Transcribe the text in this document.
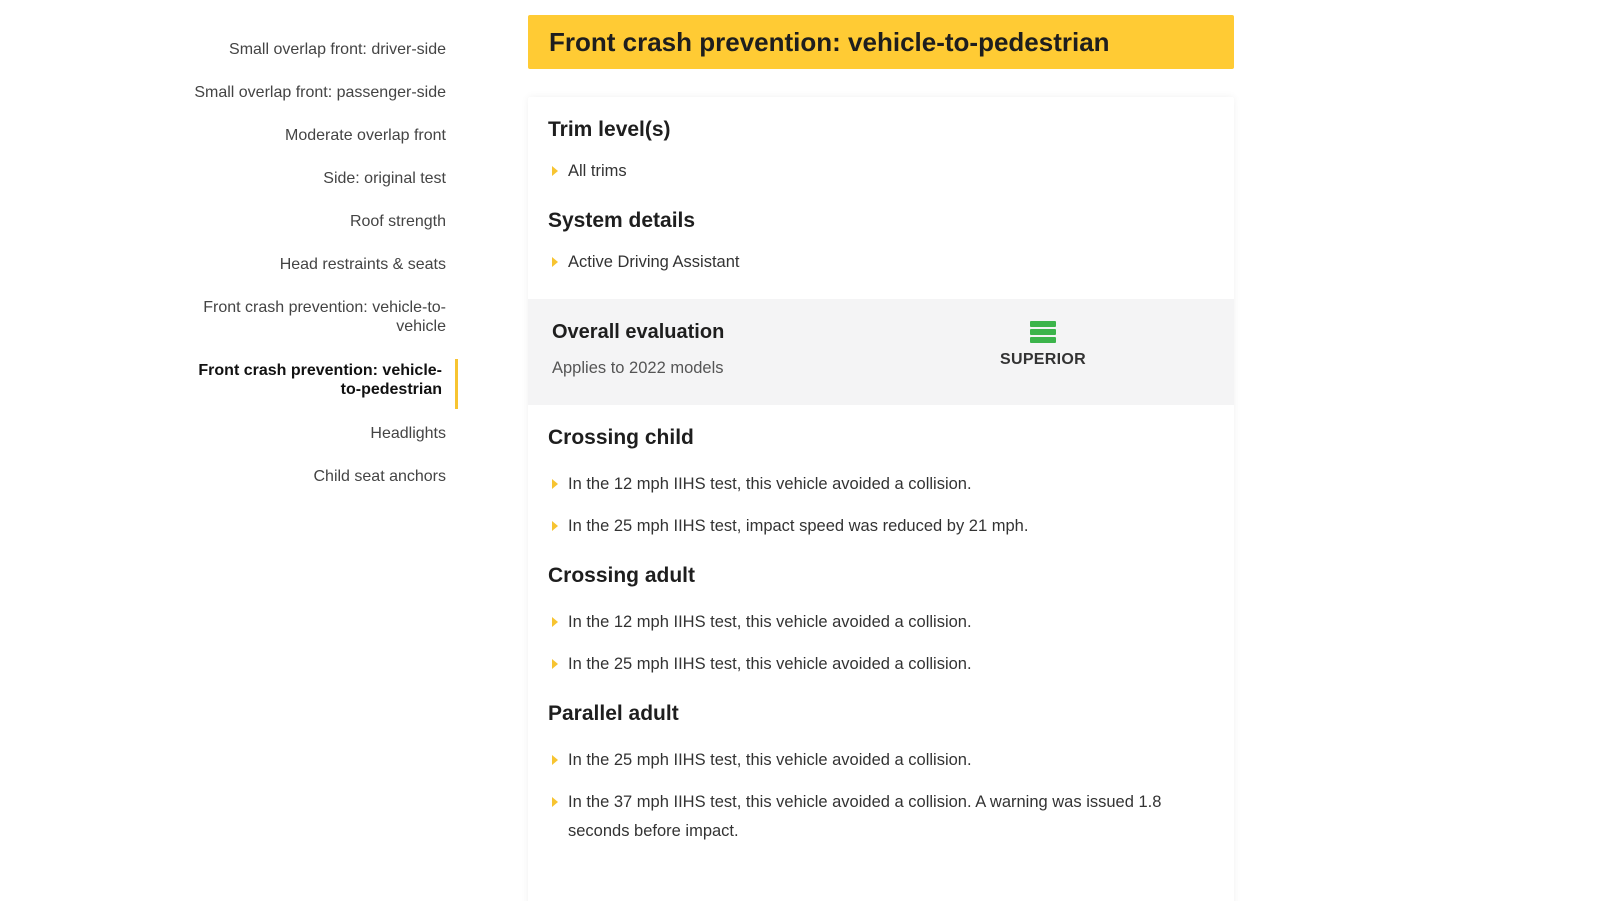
Small overlap front: driver-side
Small overlap front: passenger-side
Moderate overlap front
Side: original test
Roof strength
Head restraints & seats
Front crash prevention: vehicle-to-vehicle
Front crash prevention: vehicle-to-pedestrian
Headlights
Child seat anchors
Front crash prevention: vehicle-to-pedestrian
Trim level(s)
All trims
System details
Active Driving Assistant
Overall evaluation
Applies to 2022 models	SUPERIOR
Crossing child
In the 12 mph IIHS test, this vehicle avoided a collision.
In the 25 mph IIHS test, impact speed was reduced by 21 mph.
Crossing adult
In the 12 mph IIHS test, this vehicle avoided a collision.
In the 25 mph IIHS test, this vehicle avoided a collision.
Parallel adult
In the 25 mph IIHS test, this vehicle avoided a collision.
In the 37 mph IIHS test, this vehicle avoided a collision. A warning was issued 1.8 seconds before impact.
